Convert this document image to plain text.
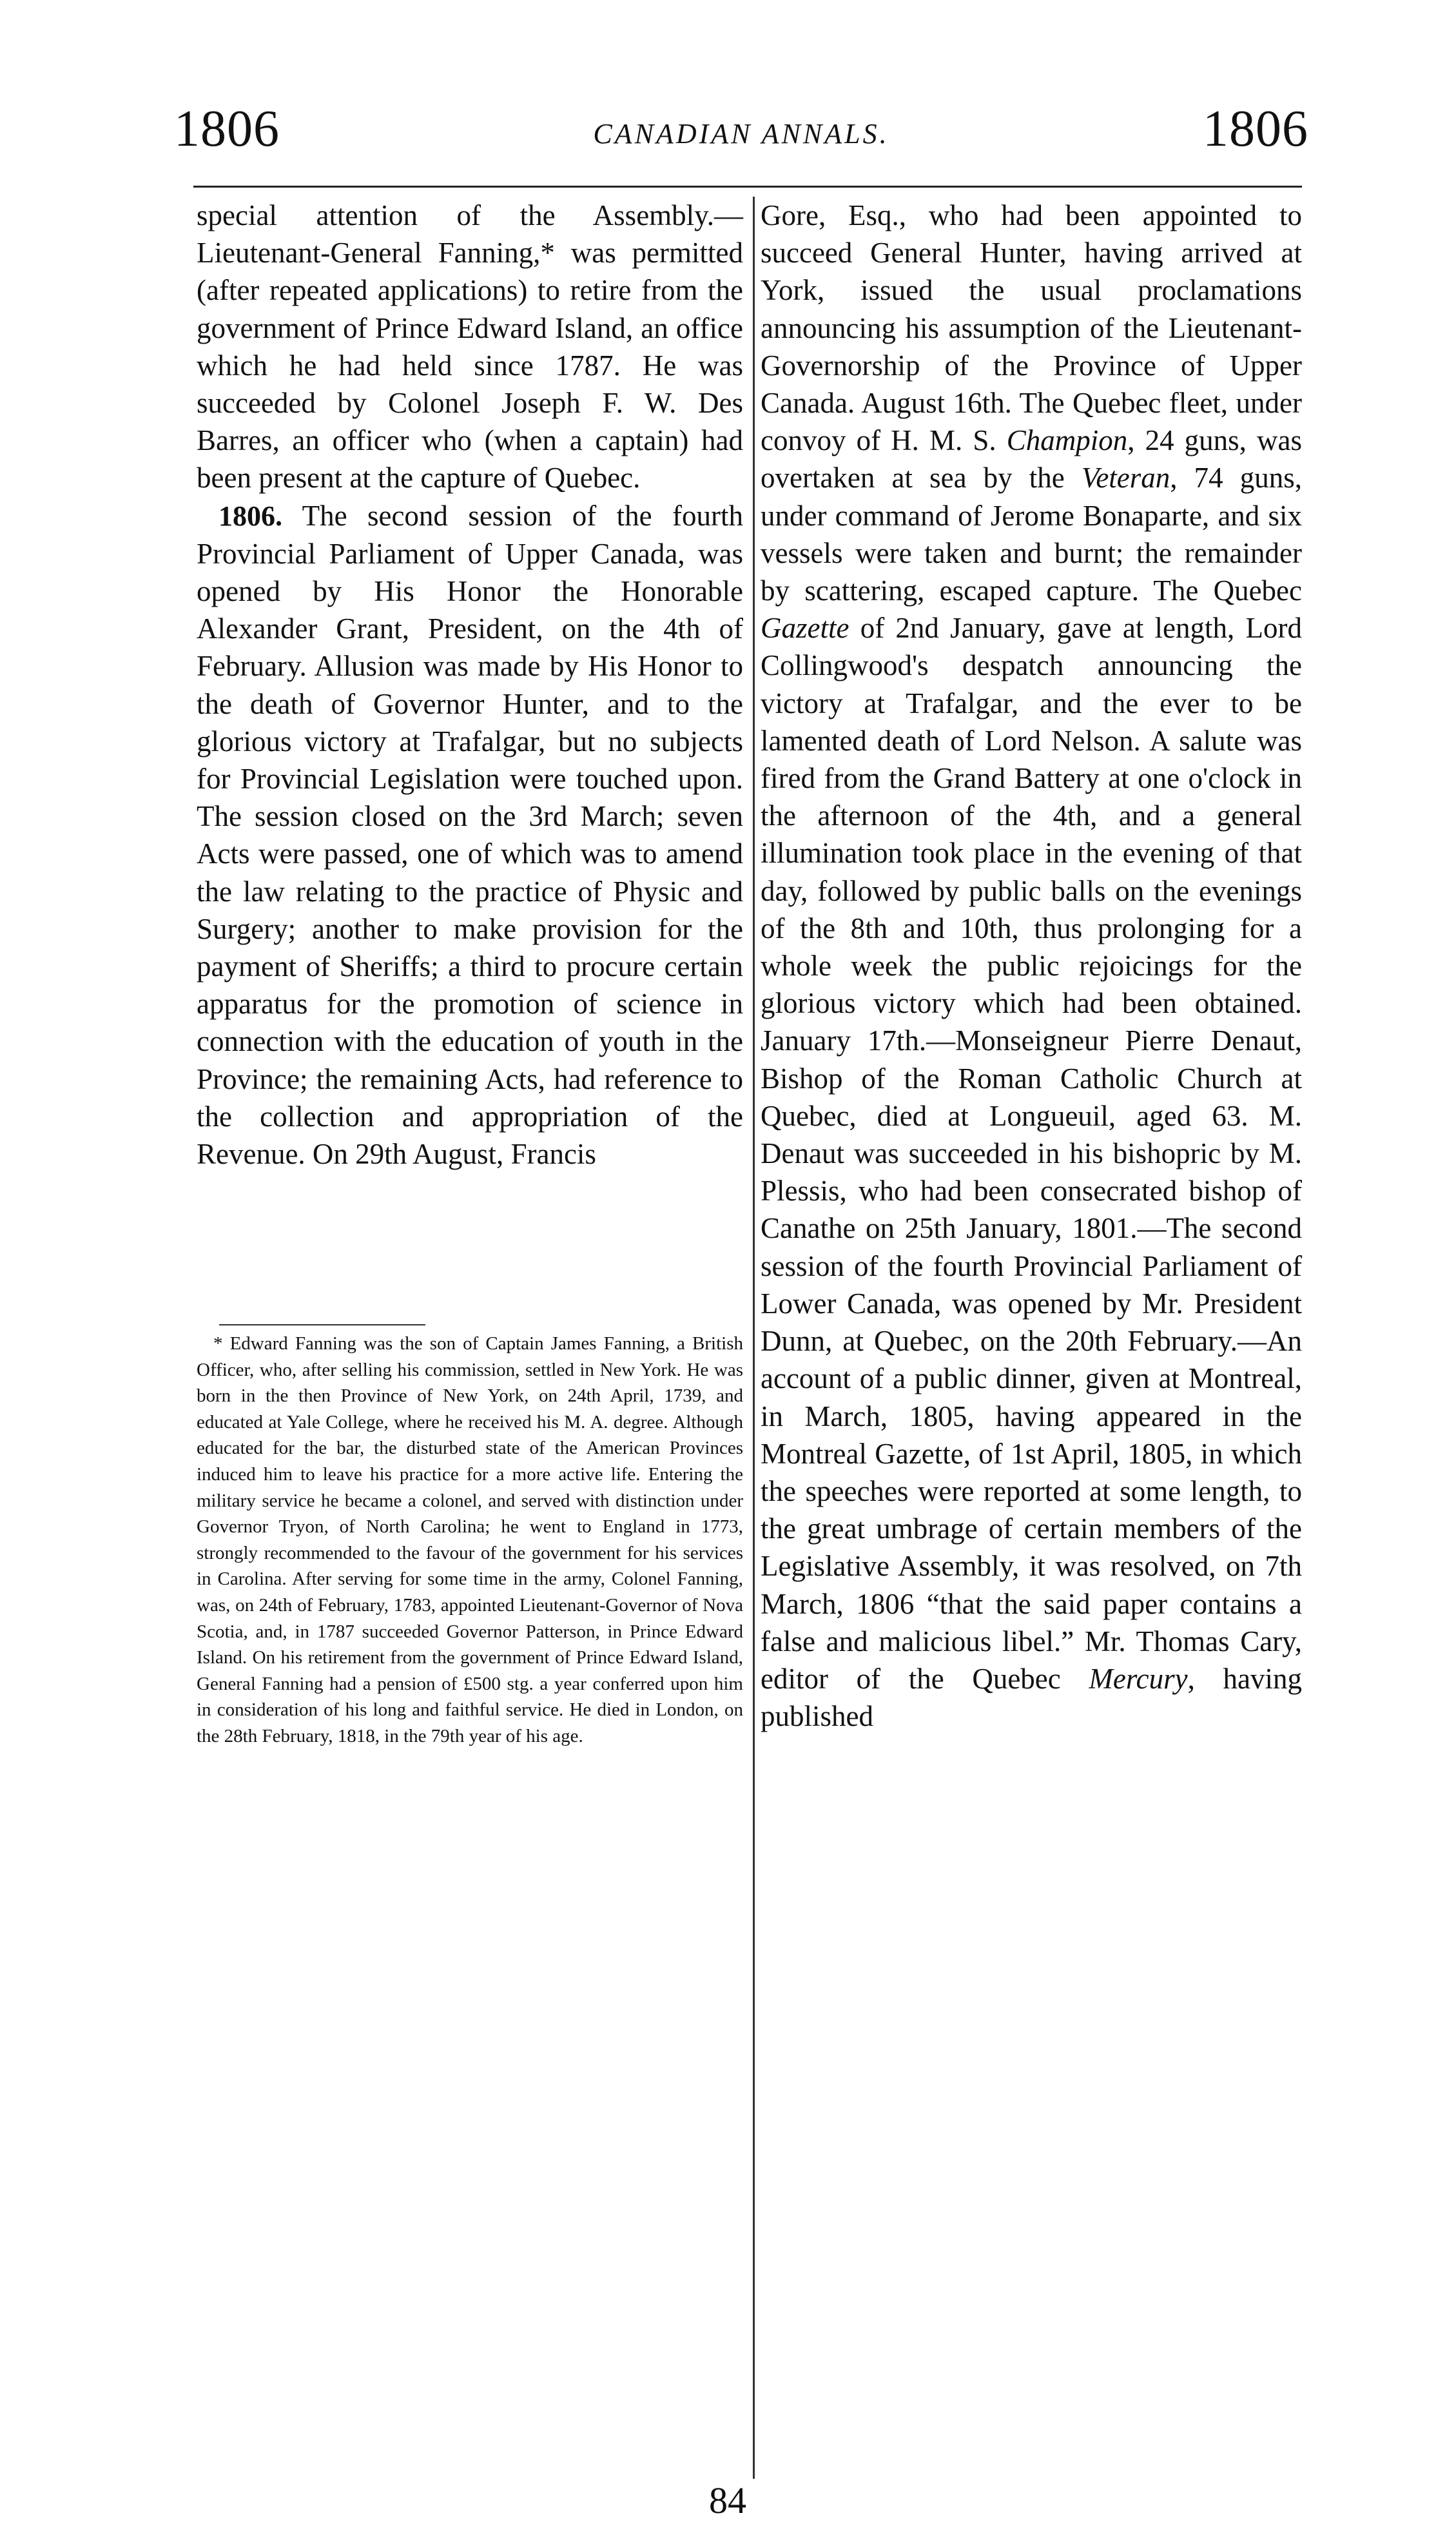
1806	CANADIAN ANNALS.	1806

special attention of the Assembly.—Lieutenant-General Fanning,* was permitted (after repeated applications) to retire from the government of Prince Edward Island, an office which he had held since 1787. He was succeeded by Colonel Joseph F. W. Des Barres, an officer who (when a captain) had been present at the capture of Quebec.

1806. The second session of the fourth Provincial Parliament of Upper Canada, was opened by His Honor the Honorable Alexander Grant, President, on the 4th of February. Allusion was made by His Honor to the death of Governor Hunter, and to the glorious victory at Trafalgar, but no subjects for Provincial Legislation were touched upon. The session closed on the 3rd March; seven Acts were passed, one of which was to amend the law relating to the practice of Physic and Surgery; another to make provision for the payment of Sheriffs; a third to procure certain apparatus for the promotion of science in connection with the education of youth in the Province; the remaining Acts, had reference to the collection and appropriation of the Revenue. On 29th August, Francis

* Edward Fanning was the son of Captain James Fanning, a British Officer, who, after selling his commission, settled in New York. He was born in the then Province of New York, on 24th April, 1739, and educated at Yale College, where he received his M. A. degree. Although educated for the bar, the disturbed state of the American Provinces induced him to leave his practice for a more active life. Entering the military service he became a colonel, and served with distinction under Governor Tryon, of North Carolina; he went to England in 1773, strongly recommended to the favour of the government for his services in Carolina. After serving for some time in the army, Colonel Fanning, was, on 24th of February, 1783, appointed Lieutenant-Governor of Nova Scotia, and, in 1787 succeeded Governor Patterson, in Prince Edward Island. On his retirement from the government of Prince Edward Island, General Fanning had a pension of £500 stg. a year conferred upon him in consideration of his long and faithful service. He died in London, on the 28th February, 1818, in the 79th year of his age.

Gore, Esq., who had been appointed to succeed General Hunter, having arrived at York, issued the usual proclamations announcing his assumption of the Lieutenant-Governorship of the Province of Upper Canada. August 16th. The Quebec fleet, under convoy of H. M. S. Champion, 24 guns, was overtaken at sea by the Veteran, 74 guns, under command of Jerome Bonaparte, and six vessels were taken and burnt; the remainder by scattering, escaped capture. The Quebec Gazette of 2nd January, gave at length, Lord Collingwood's despatch announcing the victory at Trafalgar, and the ever to be lamented death of Lord Nelson. A salute was fired from the Grand Battery at one o'clock in the afternoon of the 4th, and a general illumination took place in the evening of that day, followed by public balls on the evenings of the 8th and 10th, thus prolonging for a whole week the public rejoicings for the glorious victory which had been obtained. January 17th.—Monseigneur Pierre Denaut, Bishop of the Roman Catholic Church at Quebec, died at Longueuil, aged 63. M. Denaut was succeeded in his bishopric by M. Plessis, who had been consecrated bishop of Canathe on 25th January, 1801.—The second session of the fourth Provincial Parliament of Lower Canada, was opened by Mr. President Dunn, at Quebec, on the 20th February.—An account of a public dinner, given at Montreal, in March, 1805, having appeared in the Montreal Gazette, of 1st April, 1805, in which the speeches were reported at some length, to the great umbrage of certain members of the Legislative Assembly, it was resolved, on 7th March, 1806 “that the said paper contains a false and malicious libel.” Mr. Thomas Cary, editor of the Quebec Mercury, having published

84
